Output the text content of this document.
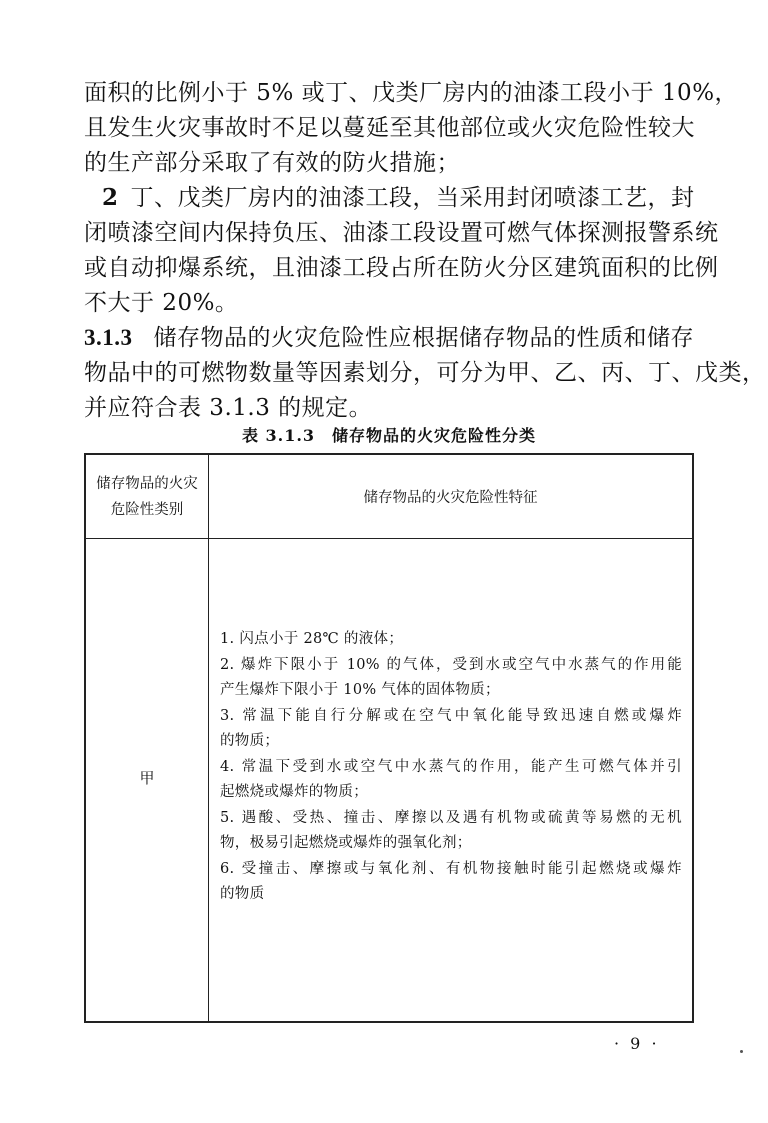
面积的比例小于 5% 或丁、戊类厂房内的油漆工段小于 10%，
且发生火灾事故时不足以蔓延至其他部位或火灾危险性较大
的生产部分采取了有效的防火措施；
2 丁、戊类厂房内的油漆工段，当采用封闭喷漆工艺，封
闭喷漆空间内保持负压、油漆工段设置可燃气体探测报警系统
或自动抑爆系统，且油漆工段占所在防火分区建筑面积的比例
不大于 20%。
3.1.3 储存物品的火灾危险性应根据储存物品的性质和储存
物品中的可燃物数量等因素划分，可分为甲、乙、丙、丁、戊类，
并应符合表 3.1.3 的规定。
表 3.1.3　储存物品的火灾危险性分类
储存物品的火灾危险性类别
储存物品的火灾危险性特征
甲
1. 闪点小于 28℃ 的液体；
2. 爆炸下限小于 10% 的气体，受到水或空气中水蒸气的作用能
产生爆炸下限小于 10% 气体的固体物质；
3. 常温下能自行分解或在空气中氧化能导致迅速自燃或爆炸
的物质；
4. 常温下受到水或空气中水蒸气的作用，能产生可燃气体并引
起燃烧或爆炸的物质；
5. 遇酸、受热、撞击、摩擦以及遇有机物或硫黄等易燃的无机
物，极易引起燃烧或爆炸的强氧化剂；
6. 受撞击、摩擦或与氧化剂、有机物接触时能引起燃烧或爆炸
的物质
· 9 ·
